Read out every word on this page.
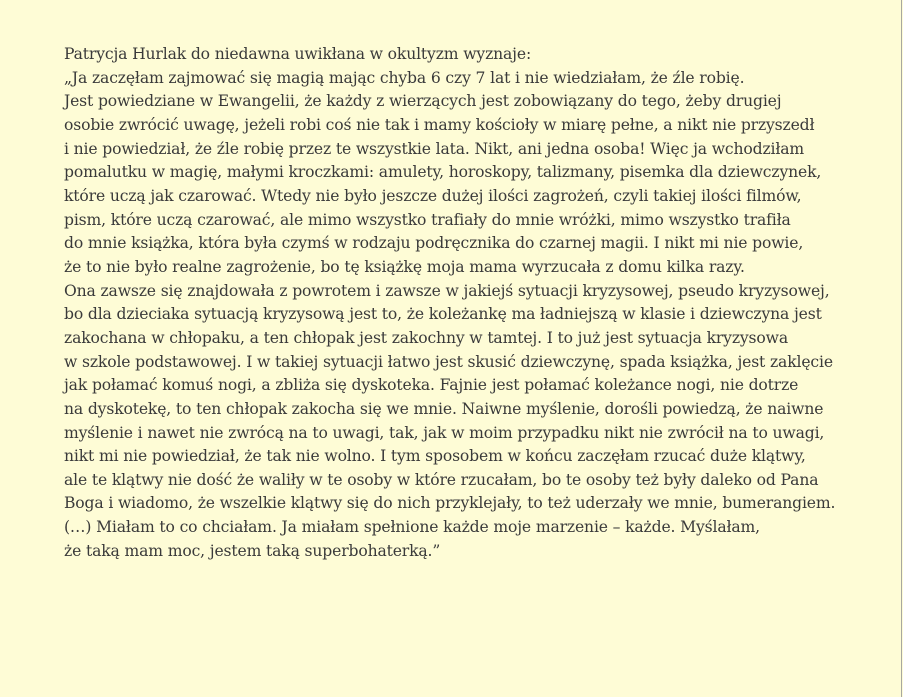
Patrycja Hurlak do niedawna uwikłana w okultyzm wyznaje:
„Ja zaczęłam zajmować się magią mając chyba 6 czy 7 lat i nie wiedziałam, że źle robię.
Jest powiedziane w Ewangelii, że każdy z wierzących jest zobowiązany do tego, żeby drugiej
osobie zwrócić uwagę, jeżeli robi coś nie tak i mamy kościoły w miarę pełne, a nikt nie przyszedł
i nie powiedział, że źle robię przez te wszystkie lata. Nikt, ani jedna osoba! Więc ja wchodziłam
pomalutku w magię, małymi kroczkami: amulety, horoskopy, talizmany, pisemka dla dziewczynek,
które uczą jak czarować. Wtedy nie było jeszcze dużej ilości zagrożeń, czyli takiej ilości filmów,
pism, które uczą czarować, ale mimo wszystko trafiały do mnie wróżki, mimo wszystko trafiła
do mnie książka, która była czymś w rodzaju podręcznika do czarnej magii. I nikt mi nie powie,
że to nie było realne zagrożenie, bo tę książkę moja mama wyrzucała z domu kilka razy.
Ona zawsze się znajdowała z powrotem i zawsze w jakiejś sytuacji kryzysowej, pseudo kryzysowej,
bo dla dzieciaka sytuacją kryzysową jest to, że koleżankę ma ładniejszą w klasie i dziewczyna jest
zakochana w chłopaku, a ten chłopak jest zakochny w tamtej. I to już jest sytuacja kryzysowa
w szkole podstawowej. I w takiej sytuacji łatwo jest skusić dziewczynę, spada książka, jest zaklęcie
jak połamać komuś nogi, a zbliża się dyskoteka. Fajnie jest połamać koleżance nogi, nie dotrze
na dyskotekę, to ten chłopak zakocha się we mnie. Naiwne myślenie, dorośli powiedzą, że naiwne
myślenie i nawet nie zwrócą na to uwagi, tak, jak w moim przypadku nikt nie zwrócił na to uwagi,
nikt mi nie powiedział, że tak nie wolno. I tym sposobem w końcu zaczęłam rzucać duże klątwy,
ale te klątwy nie dość że waliły w te osoby w które rzucałam, bo te osoby też były daleko od Pana
Boga i wiadomo, że wszelkie klątwy się do nich przyklejały, to też uderzały we mnie, bumerangiem.
(…) Miałam to co chciałam. Ja miałam spełnione każde moje marzenie – każde. Myślałam,
że taką mam moc, jestem taką superbohaterką.”
